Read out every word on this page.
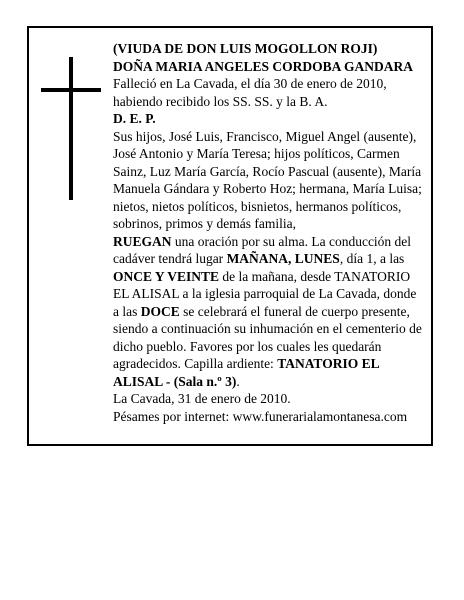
(VIUDA DE DON LUIS MOGOLLON ROJI)

DOÑA MARIA ANGELES CORDOBA GANDARA

Falleció en La Cavada, el día 30 de enero de 2010, habiendo recibido los SS. SS. y la B. A.

D. E. P.

Sus hijos, José Luis, Francisco, Miguel Angel (ausente), José Antonio y María Teresa; hijos políticos, Carmen Sainz, Luz María García, Rocío Pascual (ausente), María Manuela Gándara y Roberto Hoz; hermana, María Luisa; nietos, nietos políticos, bisnietos, hermanos políticos, sobrinos, primos y demás familia,

RUEGAN una oración por su alma. La conducción del cadáver tendrá lugar MAÑANA, LUNES, día 1, a las ONCE Y VEINTE de la mañana, desde TANATORIO EL ALISAL a la iglesia parroquial de La Cavada, donde a las DOCE se celebrará el funeral de cuerpo presente, siendo a continuación su inhumación en el cementerio de dicho pueblo. Favores por los cuales les quedarán agradecidos. Capilla ardiente: TANATORIO EL ALISAL - (Sala n.º 3).

La Cavada, 31 de enero de 2010.

Pésames por internet: www.funerarialamontanesa.com
